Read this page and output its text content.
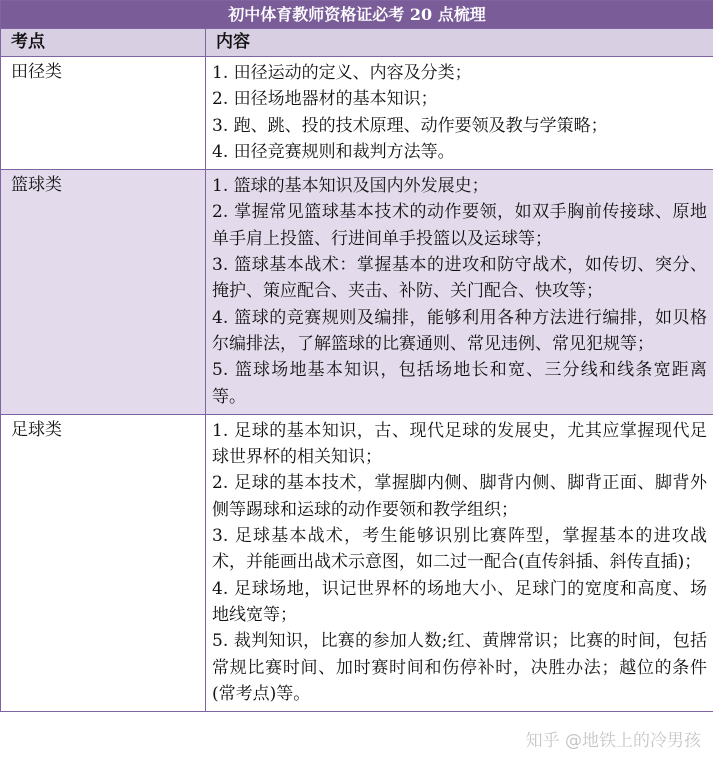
初中体育教师资格证必考 20 点梳理	
考点	内容
田径类	1. 田径运动的定义、内容及分类；

2. 田径场地器材的基本知识；

3. 跑、跳、投的技术原理、动作要领及教与学策略；

4. 田径竞赛规则和裁判方法等。

篮球类	1. 篮球的基本知识及国内外发展史；

2. 掌握常见篮球基本技术的动作要领，如双手胸前传接球、原地单手肩上投篮、行进间单手投篮以及运球等；

3. 篮球基本战术：掌握基本的进攻和防守战术，如传切、突分、掩护、策应配合、夹击、补防、关门配合、快攻等；

4. 篮球的竞赛规则及编排，能够利用各种方法进行编排，如贝格尔编排法，了解篮球的比赛通则、常见违例、常见犯规等；

5. 篮球场地基本知识，包括场地长和宽、三分线和线条宽距离等。

足球类	1. 足球的基本知识，古、现代足球的发展史，尤其应掌握现代足球世界杯的相关知识；

2. 足球的基本技术，掌握脚内侧、脚背内侧、脚背正面、脚背外侧等踢球和运球的动作要领和教学组织；

3. 足球基本战术，考生能够识别比赛阵型，掌握基本的进攻战术，并能画出战术示意图，如二过一配合(直传斜插、斜传直插)；

4. 足球场地，识记世界杯的场地大小、足球门的宽度和高度、场地线宽等；

5. 裁判知识，比赛的参加人数;红、黄牌常识；比赛的时间，包括常规比赛时间、加时赛时间和伤停补时，决胜办法；越位的条件(常考点)等。

知乎 @地铁上的冷男孩
